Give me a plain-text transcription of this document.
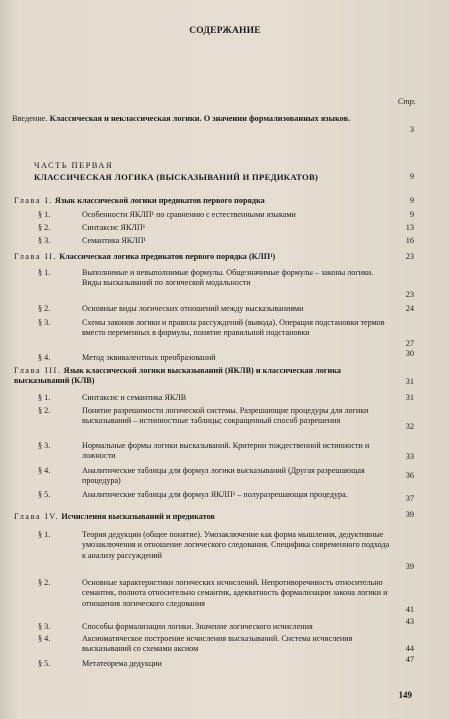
СОДЕРЖАНИЕ
Стр.
Введение. Классическая и неклассическая логики. О значении формализованных языков.
3
ЧАСТЬ ПЕРВАЯ
КЛАССИЧЕСКАЯ ЛОГИКА (ВЫСКАЗЫВАНИЙ И ПРЕДИКАТОВ)	9
Глава I. Язык классической логики предикатов первого порядка	9
§ 1.	Особенности ЯКЛП¹ по сравнению с естественными языками	9
§ 2.	Синтаксис ЯКЛП¹	13
§ 3.	Семантика ЯКЛП¹	16
Глава II. Классическая логика предикатов первого порядка (КЛП¹)	23
§ 1.	Выполнимые и невыполнимые формулы. Общезначимые формулы – законы логики. Виды высказываний по логической модальности
23
§ 2.	Основные виды логических отношений между высказываниями	24
§ 3.	Схемы законов логики и правила рассуждений (вывода). Операция подстановки термов вместо переменных в формулы, понятие правильной подстановки
27
§ 4.	Метод эквивалентных преобразований	30
Глава III. Язык классической логики высказываний (ЯКЛВ) и классическая логика высказываний (КЛВ)	31
§ 1.	Синтаксис и семантика ЯКЛВ	31
§ 2.	Понятие разрешимости логической системы. Разрешающие процедуры для логики высказываний – истинностные таблицы; сокращенный способ разрешения
32
§ 3.	Нормальные формы логики высказываний. Критерии тождественной истинности и ложности	33
§ 4.	Аналитические таблицы для формул логики высказываний (Другая разрешающая процедура)
36
§ 5.	Аналитические таблицы для формул ЯКЛП¹ – полуразрешающая процедура.	37
Глава IV. Исчисления высказываний и предикатов	39
§ 1.	Теория дедукции (общее понятие). Умозаключение как форма мышления, дедуктивные умозаключения и отношение логического следования. Специфика современного подхода к анализу рассуждений
39
§ 2.	Основные характеристики логических исчислений. Непротиворечивость относительно семантик, полнота относительно семантик, адекватность формализации закона логики и отношения логического следования
41
§ 3.	Способы формализации логики. Значение логического исчисления
43
§ 4.	Аксиоматическое построение исчисления высказываний. Система исчисления высказываний со схемами аксиом	44
§ 5.	Метатеорема дедукции	47
149
